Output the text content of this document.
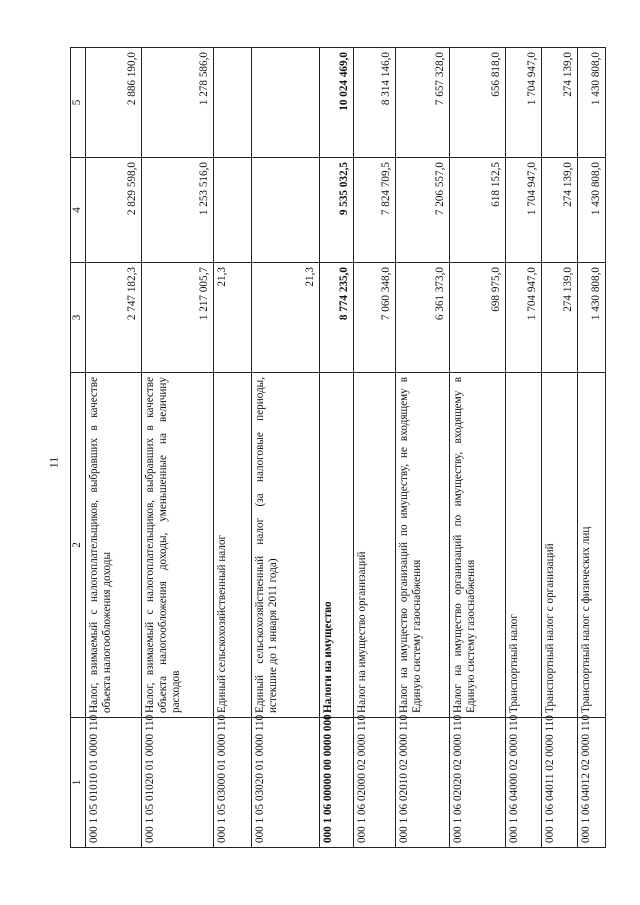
11
1	2	3	4	5
000 1 05 01010 01 0000 110	Налог, взимаемый с налогоплательщиков, выбравших в качестве объекта налогообложения доходы	2 747 182,3	2 829 598,0	2 886 190,0
000 1 05 01020 01 0000 110	Налог, взимаемый с налогоплательщиков, выбравших в качестве объекта налогообложения доходы, уменьшенные на величину расходов	1 217 005,7	1 253 516,0	1 278 586,0
000 1 05 03000 01 0000 110	Единый сельскохозяйственный налог	21,3		
000 1 05 03020 01 0000 110	Единый сельскохозяйственный налог (за налоговые периоды, истекшие до 1 января 2011 года)	21,3		
000 1 06 00000 00 0000 000	Налоги на имущество	8 774 235,0	9 535 032,5	10 024 469,0
000 1 06 02000 02 0000 110	Налог на имущество организаций	7 060 348,0	7 824 709,5	8 314 146,0
000 1 06 02010 02 0000 110	Налог на имущество организаций по имуществу, не входящему в Единую систему газоснабжения	6 361 373,0	7 206 557,0	7 657 328,0
000 1 06 02020 02 0000 110	Налог на имущество организаций по имуществу, входящему в Единую систему газоснабжения	698 975,0	618 152,5	656 818,0
000 1 06 04000 02 0000 110	Транспортный налог	1 704 947,0	1 704 947,0	1 704 947,0
000 1 06 04011 02 0000 110	Транспортный налог с организаций	274 139,0	274 139,0	274 139,0
000 1 06 04012 02 0000 110	Транспортный налог с физических лиц	1 430 808,0	1 430 808,0	1 430 808,0
